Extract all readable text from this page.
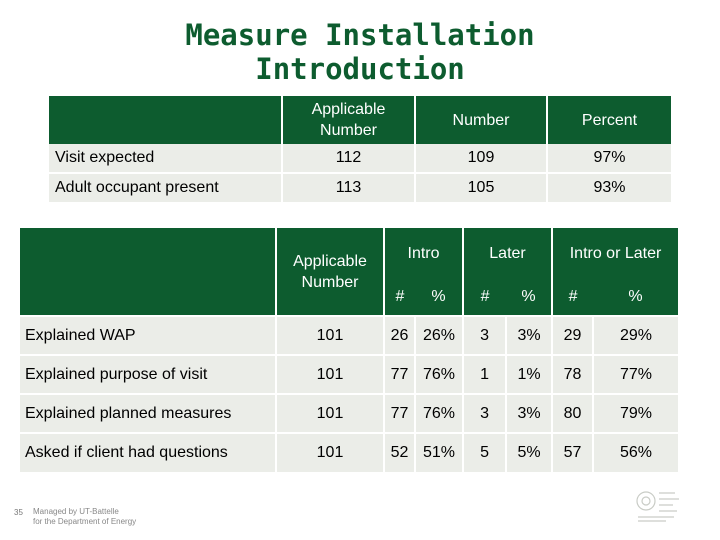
Measure Installation
Introduction
	Applicable Number	Number	Percent
Visit expected	112	109	97%
Adult occupant present	113	105	93%
	Applicable Number	Intro		Later		Intro or Later	
		#	%	#	%	#	%
Explained WAP	101	26	26%	3	3%	29	29%
Explained purpose of visit	101	77	76%	1	1%	78	77%
Explained planned measures	101	77	76%	3	3%	80	79%
Asked if client had questions	101	52	51%	5	5%	57	56%
35 Managed by UT-Battelle
for the Department of Energy
